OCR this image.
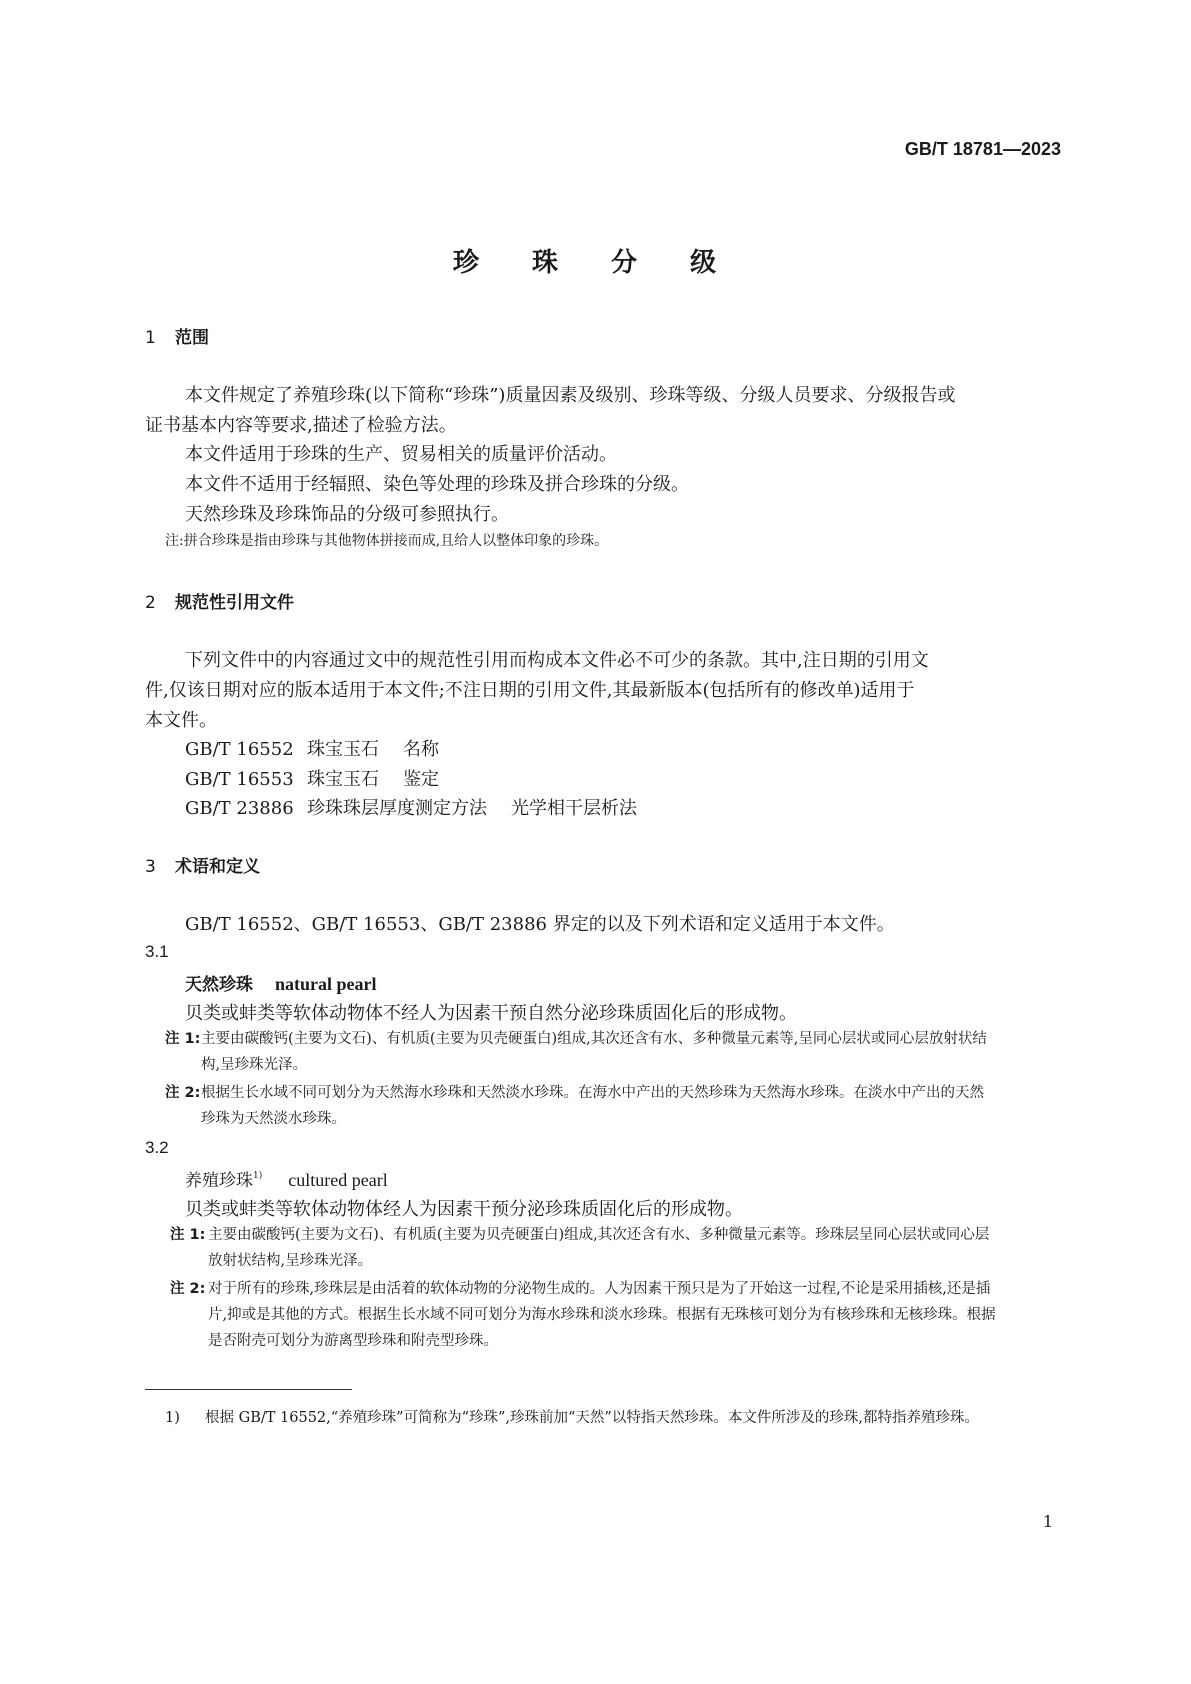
GB/T 18781—2023
珍 珠 分 级
1 范围
本文件规定了养殖珍珠(以下简称“珍珠”)质量因素及级别、珍珠等级、分级人员要求、分级报告或
证书基本内容等要求,描述了检验方法。
本文件适用于珍珠的生产、贸易相关的质量评价活动。
本文件不适用于经辐照、染色等处理的珍珠及拼合珍珠的分级。
天然珍珠及珍珠饰品的分级可参照执行。
注:拼合珍珠是指由珍珠与其他物体拼接而成,且给人以整体印象的珍珠。
2 规范性引用文件
下列文件中的内容通过文中的规范性引用而构成本文件必不可少的条款。其中,注日期的引用文
件,仅该日期对应的版本适用于本文件;不注日期的引用文件,其最新版本(包括所有的修改单)适用于
本文件。
GB/T 16552 珠宝玉石 名称
GB/T 16553 珠宝玉石 鉴定
GB/T 23886 珍珠珠层厚度测定方法 光学相干层析法
3 术语和定义
GB/T 16552、GB/T 16553、GB/T 23886 界定的以及下列术语和定义适用于本文件。
3.1
天然珍珠 natural pearl
贝类或蚌类等软体动物体不经人为因素干预自然分泌珍珠质固化后的形成物。
注 1: 主要由碳酸钙(主要为文石)、有机质(主要为贝壳硬蛋白)组成,其次还含有水、多种微量元素等,呈同心层状或同心层放射状结构,呈珍珠光泽。
注 2: 根据生长水域不同可划分为天然海水珍珠和天然淡水珍珠。在海水中产出的天然珍珠为天然海水珍珠。在淡水中产出的天然珍珠为天然淡水珍珠。
3.2
养殖珍珠$^{1)}$ cultured pearl
贝类或蚌类等软体动物体经人为因素干预分泌珍珠质固化后的形成物。
注 1: 主要由碳酸钙(主要为文石)、有机质(主要为贝壳硬蛋白)组成,其次还含有水、多种微量元素等。珍珠层呈同心层状或同心层放射状结构,呈珍珠光泽。
注 2: 对于所有的珍珠,珍珠层是由活着的软体动物的分泌物生成的。人为因素干预只是为了开始这一过程,不论是采用插核,还是插片,抑或是其他的方式。根据生长水域不同可划分为海水珍珠和淡水珍珠。根据有无珠核可划分为有核珍珠和无核珍珠。根据是否附壳可划分为游离型珍珠和附壳型珍珠。
1) 根据 GB/T 16552,“养殖珍珠”可简称为“珍珠”,珍珠前加“天然”以特指天然珍珠。本文件所涉及的珍珠,都特指养殖珍珠。
1
